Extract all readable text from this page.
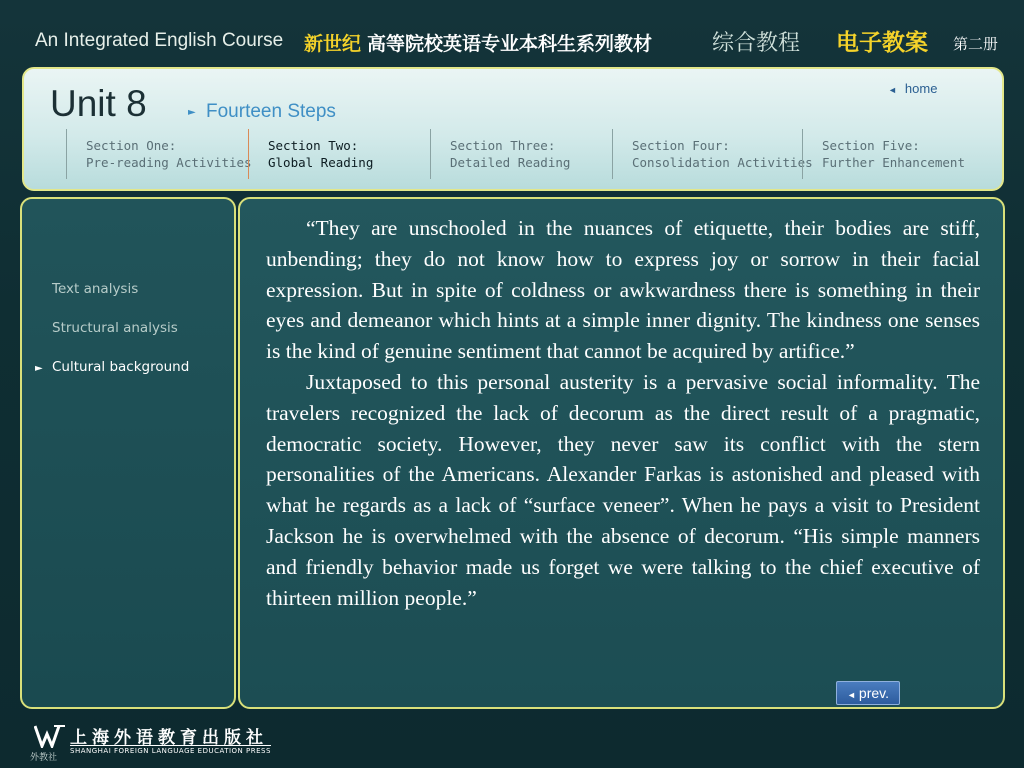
An Integrated English Course 新世纪 高等院校英语专业本科生系列教材	综合教程 电子教案 第二册
Unit 8	► Fourteen Steps
◄ home
Section One:
Pre-reading Activities
Section Two:
Global Reading
Section Three:
Detailed Reading
Section Four:
Consolidation Activities
Section Five:
Further Enhancement
Text analysis
Structural analysis
► Cultural background

“They are unschooled in the nuances of etiquette, their bodies are stiff, unbending; they do not know how to express joy or sorrow in their facial expression. But in spite of coldness or awkwardness there is something in their eyes and demeanor which hints at a simple inner dignity. The kindness one senses is the kind of genuine sentiment that cannot be acquired by artifice.”

Juxtaposed to this personal austerity is a pervasive social informality. The travelers recognized the lack of decorum as the direct result of a pragmatic, democratic society. However, they never saw its conflict with the stern personalities of the Americans. Alexander Farkas is astonished and pleased with what he regards as a lack of “surface veneer”. When he pays a visit to President Jackson he is overwhelmed with the absence of decorum. “His simple manners and friendly behavior made us forget we were talking to the chief executive of thirteen million people.”

◄ prev.
外教社
上海外语教育出版社
SHANGHAI FOREIGN LANGUAGE EDUCATION PRESS
